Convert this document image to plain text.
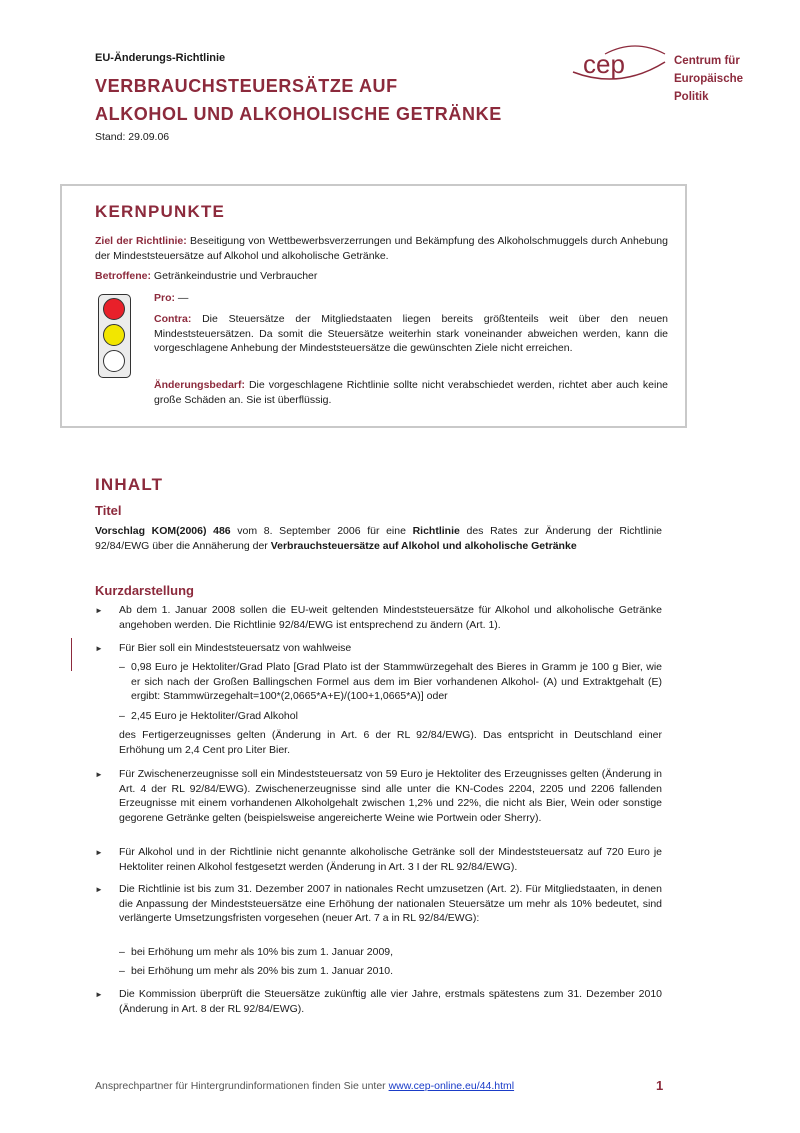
EU-Änderungs-Richtlinie
VERBRAUCHSTEUERSÄTZE AUF
ALKOHOL UND ALKOHOLISCHE GETRÄNKE
Stand: 29.09.06
cep	Centrum für
Europäische
Politik
KERNPUNKTE
Ziel der Richtlinie: Beseitigung von Wettbewerbsverzerrungen und Bekämpfung des Alkoholschmuggels durch Anhebung der Mindeststeuersätze auf Alkohol und alkoholische Getränke.
Betroffene: Getränkeindustrie und Verbraucher
Pro: —
Contra: Die Steuersätze der Mitgliedstaaten liegen bereits größtenteils weit über den neuen Mindeststeuersätzen. Da somit die Steuersätze weiterhin stark voneinander abweichen werden, kann die vorgeschlagene Anhebung der Mindeststeuersätze die gewünschten Ziele nicht erreichen.
Änderungsbedarf: Die vorgeschlagene Richtlinie sollte nicht verabschiedet werden, richtet aber auch keine große Schäden an. Sie ist überflüssig.
INHALT
Titel
Vorschlag KOM(2006) 486 vom 8. September 2006 für eine Richtlinie des Rates zur Änderung der Richtlinie 92/84/EWG über die Annäherung der Verbrauchsteuersätze auf Alkohol und alkoholische Getränke
Kurzdarstellung
► Ab dem 1. Januar 2008 sollen die EU-weit geltenden Mindeststeuersätze für Alkohol und alkoholische Getränke angehoben werden. Die Richtlinie 92/84/EWG ist entsprechend zu ändern (Art. 1).
► Für Bier soll ein Mindeststeuersatz von wahlweise
– 0,98 Euro je Hektoliter/Grad Plato [Grad Plato ist der Stammwürzegehalt des Bieres in Gramm je 100 g Bier, wie er sich nach der Großen Ballingschen Formel aus dem im Bier vorhandenen Alkohol- (A) und Extraktgehalt (E) ergibt: Stammwürzegehalt=100*(2,0665*A+E)/(100+1,0665*A)] oder
– 2,45 Euro je Hektoliter/Grad Alkohol
des Fertigerzeugnisses gelten (Änderung in Art. 6 der RL 92/84/EWG). Das entspricht in Deutschland einer Erhöhung um 2,4 Cent pro Liter Bier.
► Für Zwischenerzeugnisse soll ein Mindeststeuersatz von 59 Euro je Hektoliter des Erzeugnisses gelten (Änderung in Art. 4 der RL 92/84/EWG). Zwischenerzeugnisse sind alle unter die KN-Codes 2204, 2205 und 2206 fallenden Erzeugnisse mit einem vorhandenen Alkoholgehalt zwischen 1,2% und 22%, die nicht als Bier, Wein oder sonstige gegorene Getränke gelten (beispielsweise angereicherte Weine wie Portwein oder Sherry).
► Für Alkohol und in der Richtlinie nicht genannte alkoholische Getränke soll der Mindeststeuersatz auf 720 Euro je Hektoliter reinen Alkohol festgesetzt werden (Änderung in Art. 3 I der RL 92/84/EWG).
► Die Richtlinie ist bis zum 31. Dezember 2007 in nationales Recht umzusetzen (Art. 2). Für Mitgliedstaaten, in denen die Anpassung der Mindeststeuersätze eine Erhöhung der nationalen Steuersätze um mehr als 10% bedeutet, sind verlängerte Umsetzungsfristen vorgesehen (neuer Art. 7 a in RL 92/84/EWG):
– bei Erhöhung um mehr als 10% bis zum 1. Januar 2009,
– bei Erhöhung um mehr als 20% bis zum 1. Januar 2010.
► Die Kommission überprüft die Steuersätze zukünftig alle vier Jahre, erstmals spätestens zum 31. Dezember 2010 (Änderung in Art. 8 der RL 92/84/EWG).
Ansprechpartner für Hintergrundinformationen finden Sie unter www.cep-online.eu/44.html	1
